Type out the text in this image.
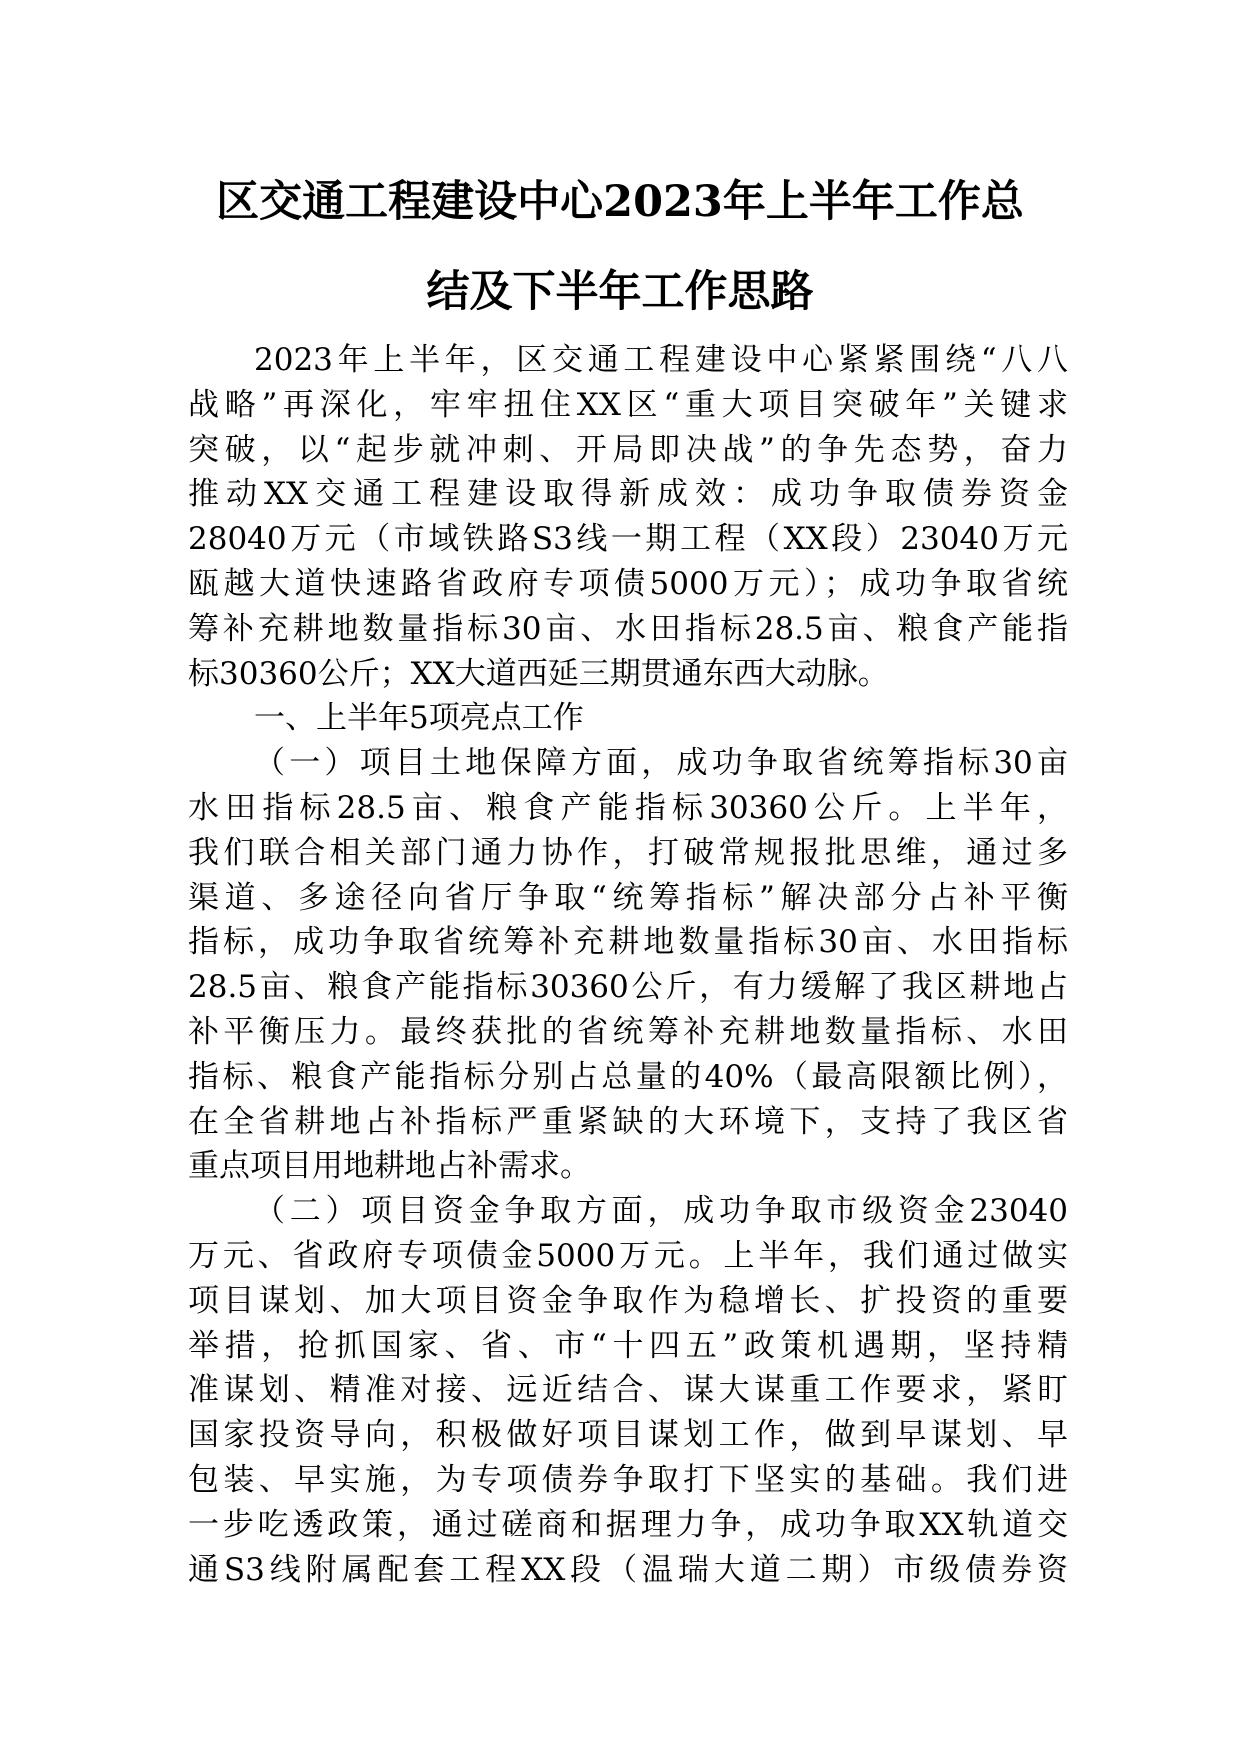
区交通工程建设中心2023年上半年工作总
结及下半年工作思路
2023年上半年，区交通工程建设中心紧紧围绕“八八
战略”再深化，牢牢扭住XX区“重大项目突破年”关键求
突破，以“起步就冲刺、开局即决战”的争先态势，奋力
推动XX交通工程建设取得新成效：成功争取债券资金
28040万元（市域铁路S3线一期工程（XX段）23040万元
瓯越大道快速路省政府专项债5000万元）；成功争取省统
筹补充耕地数量指标30亩、水田指标28.5亩、粮食产能指
标30360公斤；XX大道西延三期贯通东西大动脉。
一、上半年5项亮点工作
（一）项目土地保障方面，成功争取省统筹指标30亩
水田指标28.5亩、粮食产能指标30360公斤。上半年，
我们联合相关部门通力协作，打破常规报批思维，通过多
渠道、多途径向省厅争取“统筹指标”解决部分占补平衡
指标，成功争取省统筹补充耕地数量指标30亩、水田指标
28.5亩、粮食产能指标30360公斤，有力缓解了我区耕地占
补平衡压力。最终获批的省统筹补充耕地数量指标、水田
指标、粮食产能指标分别占总量的40%（最高限额比例），
在全省耕地占补指标严重紧缺的大环境下，支持了我区省
重点项目用地耕地占补需求。
（二）项目资金争取方面，成功争取市级资金23040
万元、省政府专项债金5000万元。上半年，我们通过做实
项目谋划、加大项目资金争取作为稳增长、扩投资的重要
举措，抢抓国家、省、市“十四五”政策机遇期，坚持精
准谋划、精准对接、远近结合、谋大谋重工作要求，紧盯
国家投资导向，积极做好项目谋划工作，做到早谋划、早
包装、早实施，为专项债券争取打下坚实的基础。我们进
一步吃透政策，通过磋商和据理力争，成功争取XX轨道交
通S3线附属配套工程XX段（温瑞大道二期）市级债券资
